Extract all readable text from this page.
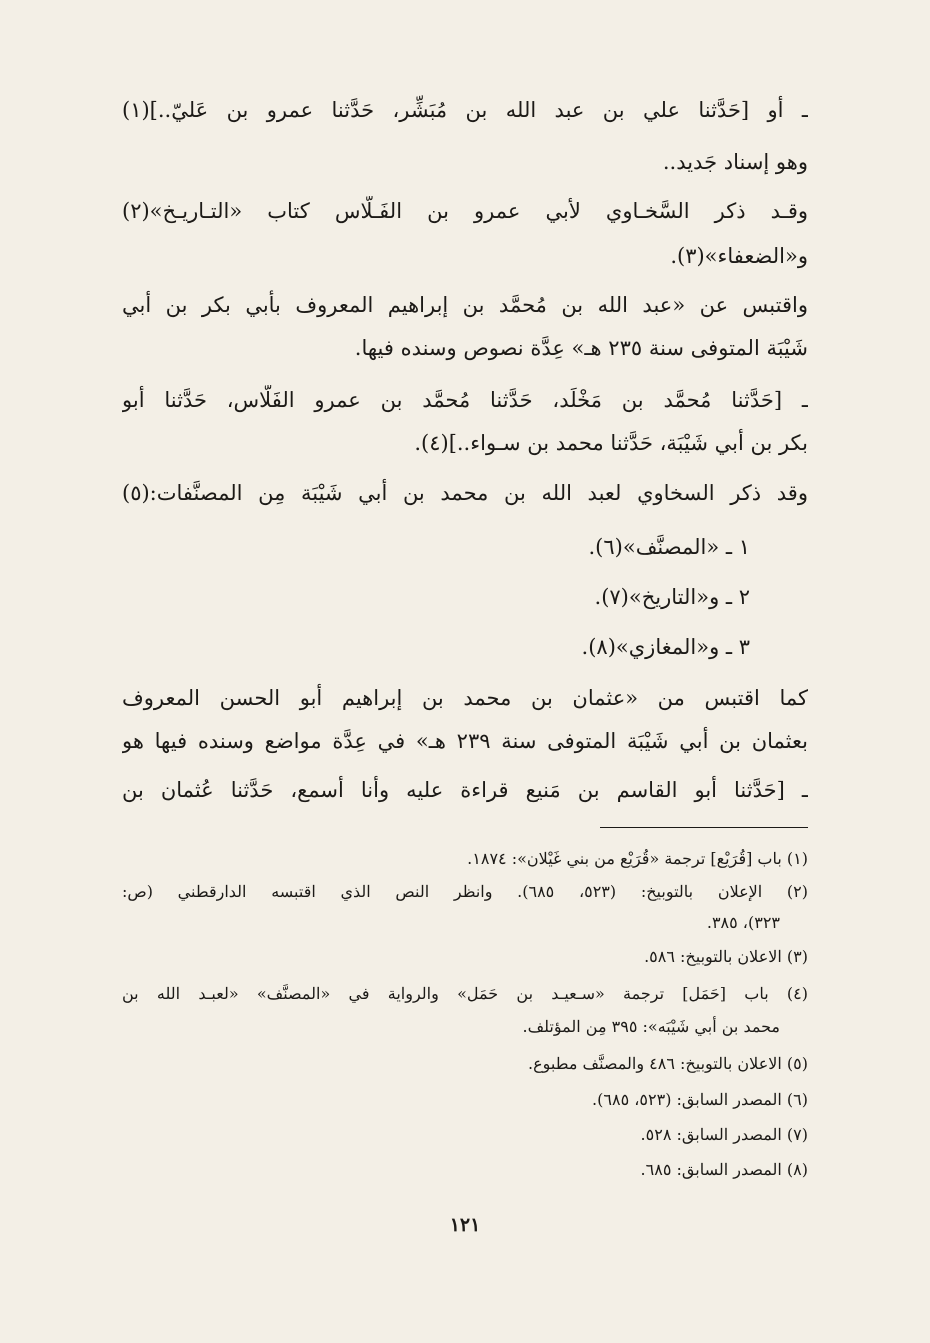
ـ أو [حَدَّثنا علي بن عبد الله بن مُبَشِّر، حَدَّثنا عمرو بن عَليّ..](١)
وهو إسناد جَديد..
وقـد ذكر السَّخـاوي لأبي عمرو بن الفَـلَّاس كتاب «التـاريـخ»(٢)
و«الضعفاء»(٣).
واقتبس عن «عبد الله بن مُحمَّد بن إبراهيم المعروف بأبي بكر بن أبي
شَيْبَة المتوفى سنة ٢٣٥ هـ» عِدَّة نصوص وسنده فيها.
ـ [حَدَّثنا مُحمَّد بن مَخْلَد، حَدَّثنا مُحمَّد بن عمرو الفَلَّاس، حَدَّثنا أبو
بكر بن أبي شَيْبَة، حَدَّثنا محمد بن سـواء..](٤).
وقد ذكر السخاوي لعبد الله بن محمد بن أبي شَيْبَة مِن المصنَّفات:(٥)
١ ـ «المصنَّف»(٦).
٢ ـ و«التاريخ»(٧).
٣ ـ و«المغازي»(٨).
كما اقتبس من «عثمان بن محمد بن إبراهيم أبو الحسن المعروف
بعثمان بن أبي شَيْبَة المتوفى سنة ٢٣٩ هـ» في عِدَّة مواضع وسنده فيها هو
ـ [حَدَّثنا أبو القاسم بن مَنيع قراءة عليه وأنا أسمع، حَدَّثنا عُثمان بن
(١) باب [قُرَيْع] ترجمة «قُرَيْع من بني غَيْلان»: ١٨٧٤.
(٢) الإعلان بالتوبيخ: (٥٢٣، ٦٨٥). وانظر النص الذي اقتبسه الدارقطني (ص:
٣٢٣)، ٣٨٥.
(٣) الاعلان بالتوبيخ: ٥٨٦.
(٤) باب [حَمَل] ترجمة «سـعيـد بن حَمَل» والرواية في «المصنَّف» «لعبـد الله بن
محمد بن أبي شَيْبَه»: ٣٩٥ مِن المؤتلف.
(٥) الاعلان بالتوبيخ: ٤٨٦ والمصنَّف مطبوع.
(٦) المصدر السابق: (٥٢٣، ٦٨٥).
(٧) المصدر السابق: ٥٢٨.
(٨) المصدر السابق: ٦٨٥.
١٢١
